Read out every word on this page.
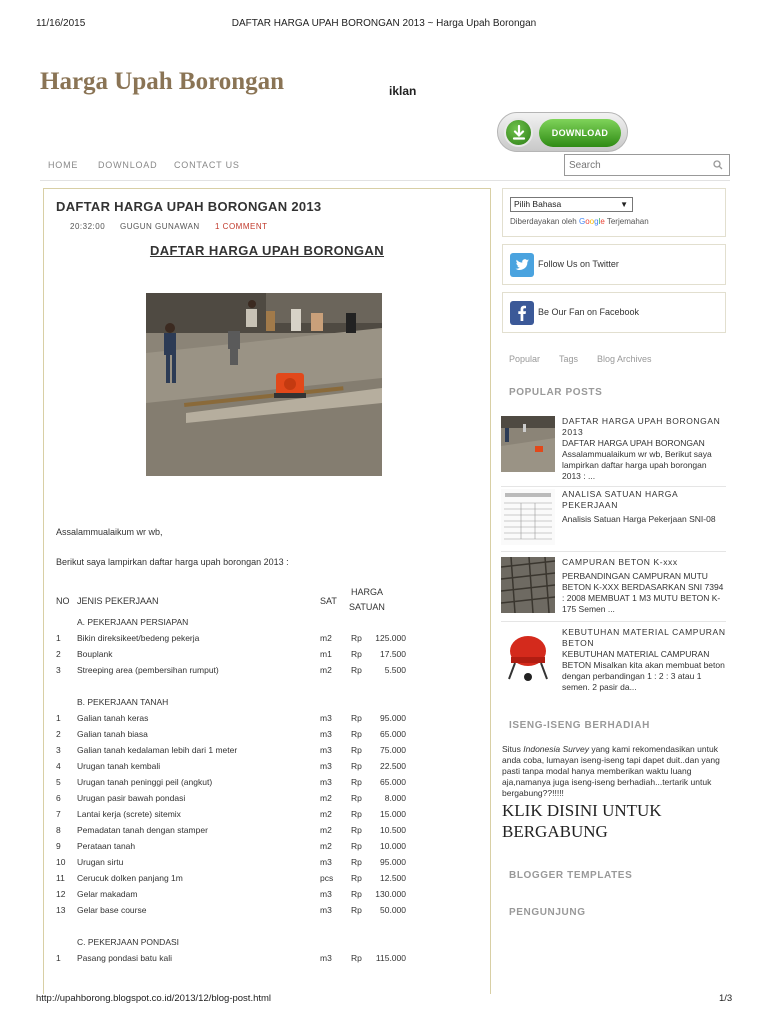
11/16/2015	DAFTAR HARGA UPAH BORONGAN 2013 ~ Harga Upah Borongan
Harga Upah Borongan	iklan
DOWNLOAD
HOME DOWNLOAD CONTACT US
Search
DAFTAR HARGA UPAH BORONGAN 2013
20:32:00 GUGUN GUNAWAN 1 COMMENT
DAFTAR HARGA UPAH BORONGAN
Assalammualaikum wr wb,
Berikut saya lampirkan daftar harga upah borongan 2013 :
NO JENIS PEKERJAAN	SAT
HARGA
SATUAN
A. PEKERJAAN PERSIAPAN
1 Bikin direksikeet/bedeng pekerja	m2 Rp 125.000
2 Bouplank	m1 Rp 17.500
3 Streeping area (pembersihan rumput)	m2 Rp	5.500
B. PEKERJAAN TANAH
1 Galian tanah keras	m3 Rp 95.000
2 Galian tanah biasa	m3 Rp 65.000
3 Galian tanah kedalaman lebih dari 1 meter	m3 Rp 75.000
4 Urugan tanah kembali	m3 Rp 22.500
5 Urugan tanah peninggi peil (angkut)	m3 Rp 65.000
6 Urugan pasir bawah pondasi	m2 Rp	8.000
7 Lantai kerja (screte) sitemix	m2 Rp 15.000
8 Pemadatan tanah dengan stamper	m2 Rp 10.500
9 Perataan tanah	m2 Rp 10.000
10 Urugan sirtu	m3 Rp 95.000
11 Cerucuk dolken panjang 1m	pcs Rp 12.500
12 Gelar makadam	m3 Rp 130.000
13 Gelar base course	m3 Rp 50.000
C. PEKERJAAN PONDASI
1 Pasang pondasi batu kali	m3 Rp 115.000
Pilih Bahasa	▼
Diberdayakan oleh Google Terjemahan
Follow Us on Twitter
Be Our Fan on Facebook
Popular Tags Blog Archives
POPULAR POSTS
DAFTAR HARGA UPAH BORONGAN 2013
DAFTAR HARGA UPAH BORONGAN Assalammualaikum wr wb, Berikut saya lampirkan daftar harga upah borongan 2013 : ...
ANALISA SATUAN HARGA PEKERJAAN
Analisis Satuan Harga Pekerjaan SNI-08
CAMPURAN BETON K-xxx
PERBANDINGAN CAMPURAN MUTU BETON K-XXX BERDASARKAN SNI 7394 : 2008 MEMBUAT 1 M3 MUTU BETON K-175 Semen ...
KEBUTUHAN MATERIAL CAMPURAN BETON
KEBUTUHAN MATERIAL CAMPURAN BETON Misalkan kita akan membuat beton dengan perbandingan 1 : 2 : 3 atau 1 semen. 2 pasir da...
ISENG-ISENG BERHADIAH
Situs Indonesia Survey yang kami rekomendasikan untuk anda coba, lumayan iseng-iseng tapi dapet duit..dan yang pasti tanpa modal hanya memberikan waktu luang aja,namanya juga iseng-iseng berhadiah...tertarik untuk bergabung??!!!!!
KLIK DISINI UNTUK BERGABUNG
BLOGGER TEMPLATES
PENGUNJUNG
http://upahborong.blogspot.co.id/2013/12/blog-post.html	1/3
